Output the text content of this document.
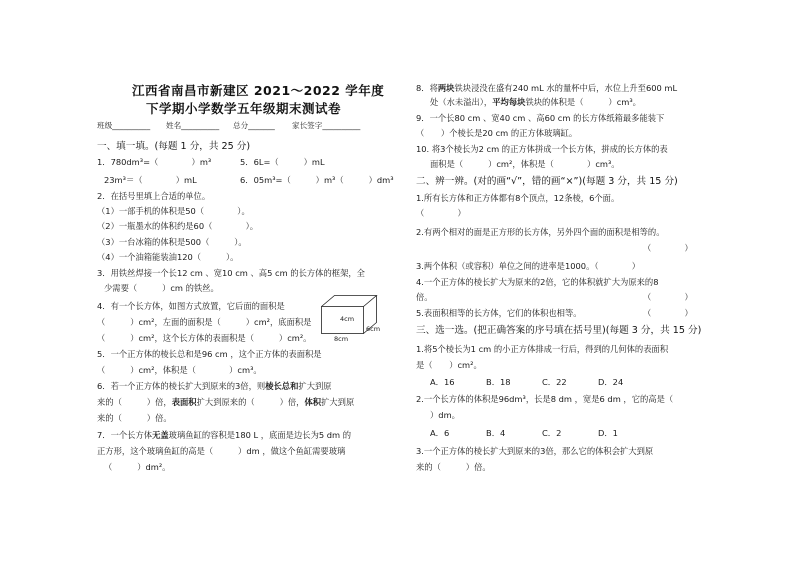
江西省南昌市新建区 2021～2022 学年度
下学期小学数学五年级期末测试卷
班级__________ 姓名__________ 总分_______ 家长签字__________
一、填一填。(每题 1 分，共 25 分)
1．780dm³=（　　　　）m³	5．6L=（　　　）mL
23m³＝（　　　　）mL	6．05m³=（　　　）m³（　　　）dm³
2．在括号里填上合适的单位。
（1）一部手机的体积是50（　　　　）。
（2）一瓶墨水的体积约是60（　　　　）。
（3）一台冰箱的体积是500（　　　）。
（4）一个油箱能装油120（　　　）。
3．用铁丝焊接一个长12 cm 、宽10 cm 、高5 cm 的长方体的框架，全
少需要（　　　）cm 的铁丝。
4．有一个长方体，如图方式放置，它后面的面积是
（　　　）cm²，左面的面积是（　　　）cm²，底面积是
（　　　）cm²，这个长方体的表面积是（　　　）cm²。
4cm
6cm
8cm
5．一个正方体的棱长总和是96 cm ，这个正方体的表面积是
（　　　）cm²，体积是（　　　　）cm³。
6．若一个正方体的棱长扩大到原来的3倍，则棱长总和扩大到原
来的（　　　）倍，表面积扩大到原来的（　　　）倍，体积扩大到原
来的（　　　）倍。
7．一个长方体无盖玻璃鱼缸的容积是180 L ，底面是边长为5 dm 的
正方形，这个玻璃鱼缸的高是（　　　）dm ，做这个鱼缸需要玻璃
（　　　）dm²。
8．将两块铁块浸没在盛有240 mL 水的量杯中后，水位上升至600 mL
处（水未溢出），平均每块铁块的体积是（　　　）cm³。
9．一个长80 cm 、宽40 cm 、高60 cm 的长方体纸箱最多能装下
（　　）个棱长是20 cm 的正方体玻璃缸。
10. 将3个棱长为2 cm 的正方体拼成一个长方体，拼成的长方体的表
面积是（　　　）cm²，体积是（　　　　）cm³。
二、辨一辨。(对的画“√”，错的画“×”)(每题 3 分，共 15 分)
1.所有长方体和正方体都有8个顶点，12条棱，6个面。
（　　　　）
2.有两个相对的面是正方形的长方体，另外四个面的面积是相等的。
（　　　　）
3.两个体积（或容积）单位之间的进率是1000。（　　　　）
4.一个正方体的棱长扩大为原来的2倍，它的体积就扩大为原来的8
倍。	（　　　　）
5.表面积相等的长方体，它们的体积也相等。	（　　　　）
三、选一选。(把正确答案的序号填在括号里)(每题 3 分，共 15 分)
1.将5个棱长为1 cm 的小正方体排成一行后，得到的几何体的表面积
是（　　）cm²。
A．16	B．18	C．22	D．24
2.一个长方体的体积是96dm³，长是8 dm ，宽是6 dm ，它的高是（
）dm。
A．6	B．4	C．2	D．1
3.一个正方体的棱长扩大到原来的3倍，那么它的体积会扩大到原
来的（　　　）倍。
